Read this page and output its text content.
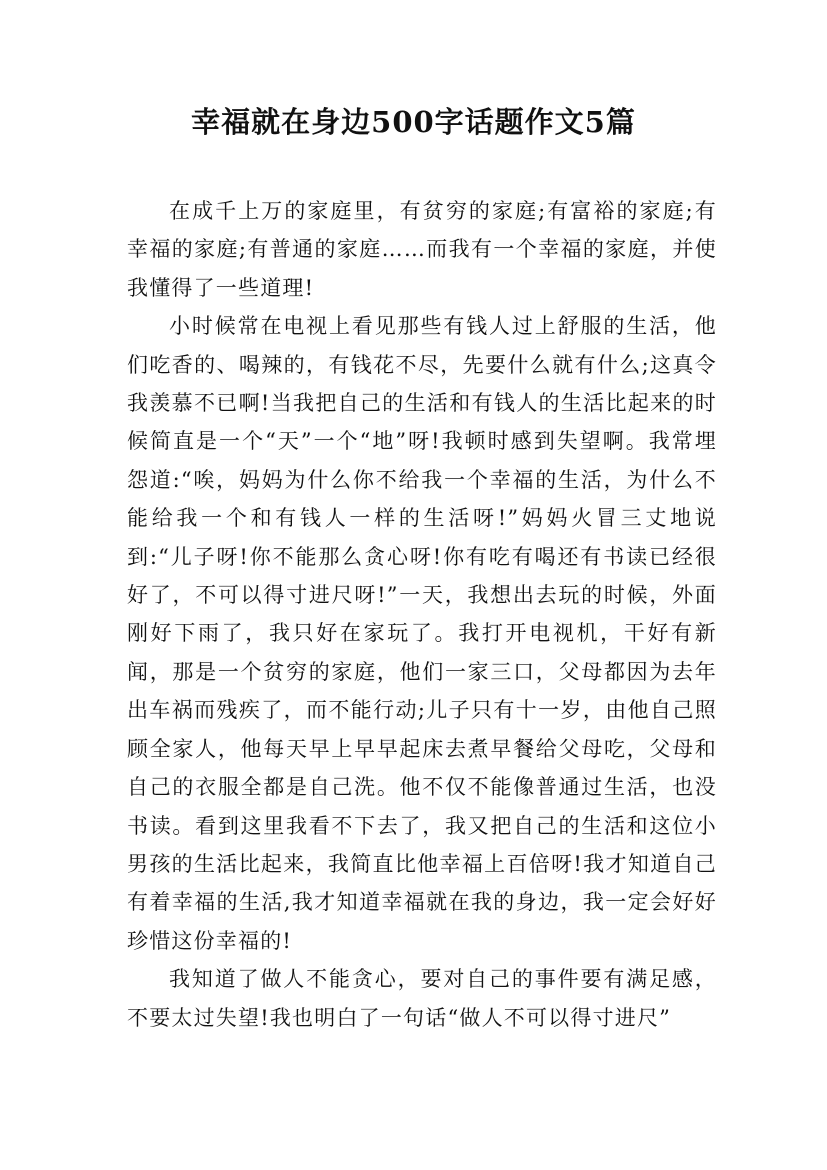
幸福就在身边500字话题作文5篇

在成千上万的家庭里，有贫穷的家庭;有富裕的家庭;有幸福的家庭;有普通的家庭……而我有一个幸福的家庭，并使我懂得了一些道理!

小时候常在电视上看见那些有钱人过上舒服的生活，他们吃香的、喝辣的，有钱花不尽，先要什么就有什么;这真令我羡慕不已啊!当我把自己的生活和有钱人的生活比起来的时候简直是一个“天”一个“地”呀!我顿时感到失望啊。我常埋怨道:“唉，妈妈为什么你不给我一个幸福的生活，为什么不能给我一个和有钱人一样的生活呀!”妈妈火冒三丈地说到:“儿子呀!你不能那么贪心呀!你有吃有喝还有书读已经很好了，不可以得寸进尺呀!”一天，我想出去玩的时候，外面刚好下雨了，我只好在家玩了。我打开电视机，干好有新闻，那是一个贫穷的家庭，他们一家三口，父母都因为去年出车祸而残疾了，而不能行动;儿子只有十一岁，由他自己照顾全家人，他每天早上早早起床去煮早餐给父母吃，父母和自己的衣服全都是自己洗。他不仅不能像普通过生活，也没书读。看到这里我看不下去了，我又把自己的生活和这位小男孩的生活比起来，我简直比他幸福上百倍呀!我才知道自己有着幸福的生活,我才知道幸福就在我的身边，我一定会好好珍惜这份幸福的!

我知道了做人不能贪心，要对自己的事件要有满足感，不要太过失望!我也明白了一句话“做人不可以得寸进尺”
